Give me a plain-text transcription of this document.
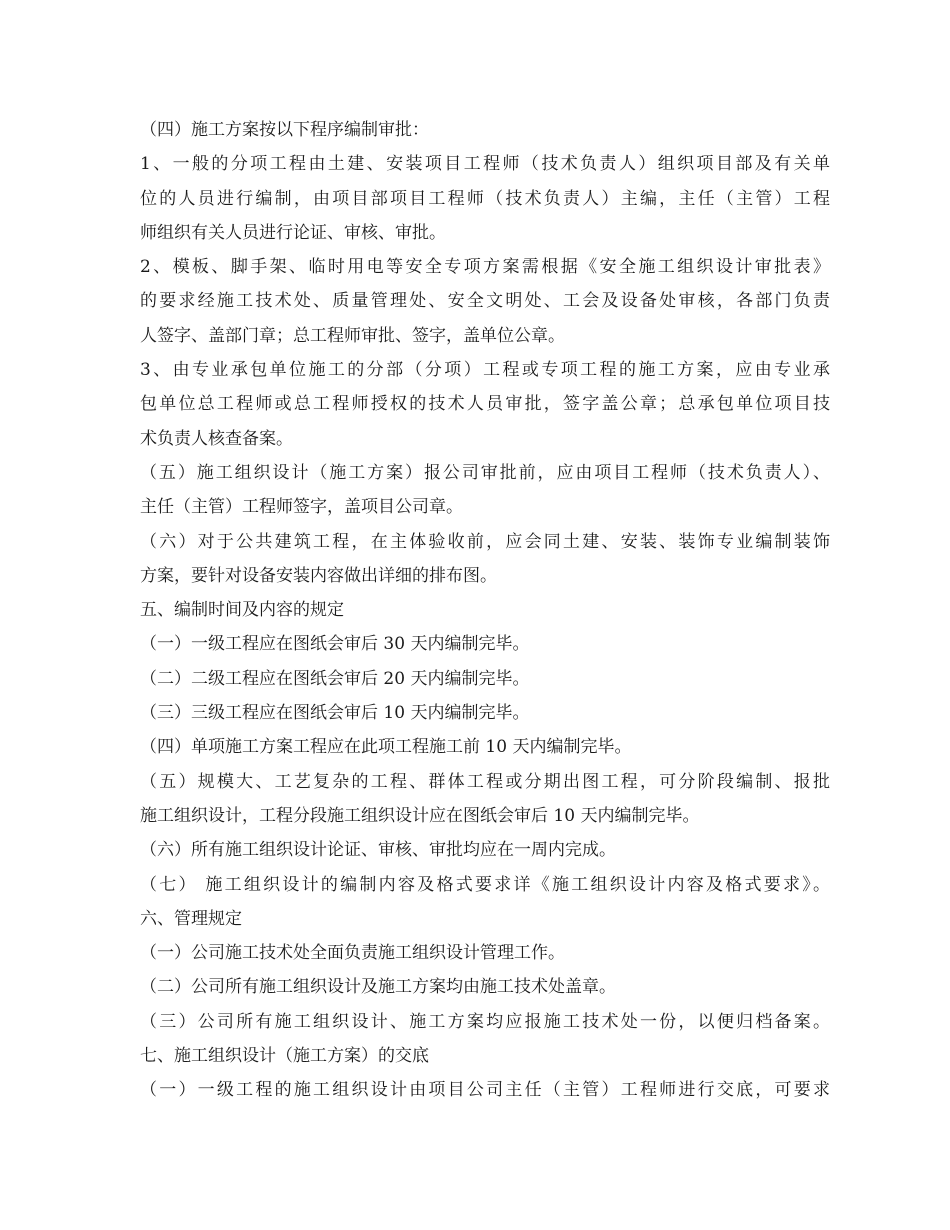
（四）施工方案按以下程序编制审批：
1、一般的分项工程由土建、安装项目工程师（技术负责人）组织项目部及有关单
位的人员进行编制，由项目部项目工程师（技术负责人）主编，主任（主管）工程
师组织有关人员进行论证、审核、审批。
2、模板、脚手架、临时用电等安全专项方案需根据《安全施工组织设计审批表》
的要求经施工技术处、质量管理处、安全文明处、工会及设备处审核，各部门负责
人签字、盖部门章；总工程师审批、签字，盖单位公章。
3、由专业承包单位施工的分部（分项）工程或专项工程的施工方案，应由专业承
包单位总工程师或总工程师授权的技术人员审批，签字盖公章；总承包单位项目技
术负责人核查备案。
（五）施工组织设计（施工方案）报公司审批前，应由项目工程师（技术负责人）、
主任（主管）工程师签字，盖项目公司章。
（六）对于公共建筑工程，在主体验收前，应会同土建、安装、装饰专业编制装饰
方案，要针对设备安装内容做出详细的排布图。
五、编制时间及内容的规定
（一）一级工程应在图纸会审后 30 天内编制完毕。
（二）二级工程应在图纸会审后 20 天内编制完毕。
（三）三级工程应在图纸会审后 10 天内编制完毕。
（四）单项施工方案工程应在此项工程施工前 10 天内编制完毕。
（五）规模大、工艺复杂的工程、群体工程或分期出图工程，可分阶段编制、报批
施工组织设计，工程分段施工组织设计应在图纸会审后 10 天内编制完毕。
（六）所有施工组织设计论证、审核、审批均应在一周内完成。
（七） 施工组织设计的编制内容及格式要求详《施工组织设计内容及格式要求》。
六、管理规定
（一）公司施工技术处全面负责施工组织设计管理工作。
（二）公司所有施工组织设计及施工方案均由施工技术处盖章。
（三）公司所有施工组织设计、施工方案均应报施工技术处一份，以便归档备案。
七、施工组织设计（施工方案）的交底
（一）一级工程的施工组织设计由项目公司主任（主管）工程师进行交底，可要求
